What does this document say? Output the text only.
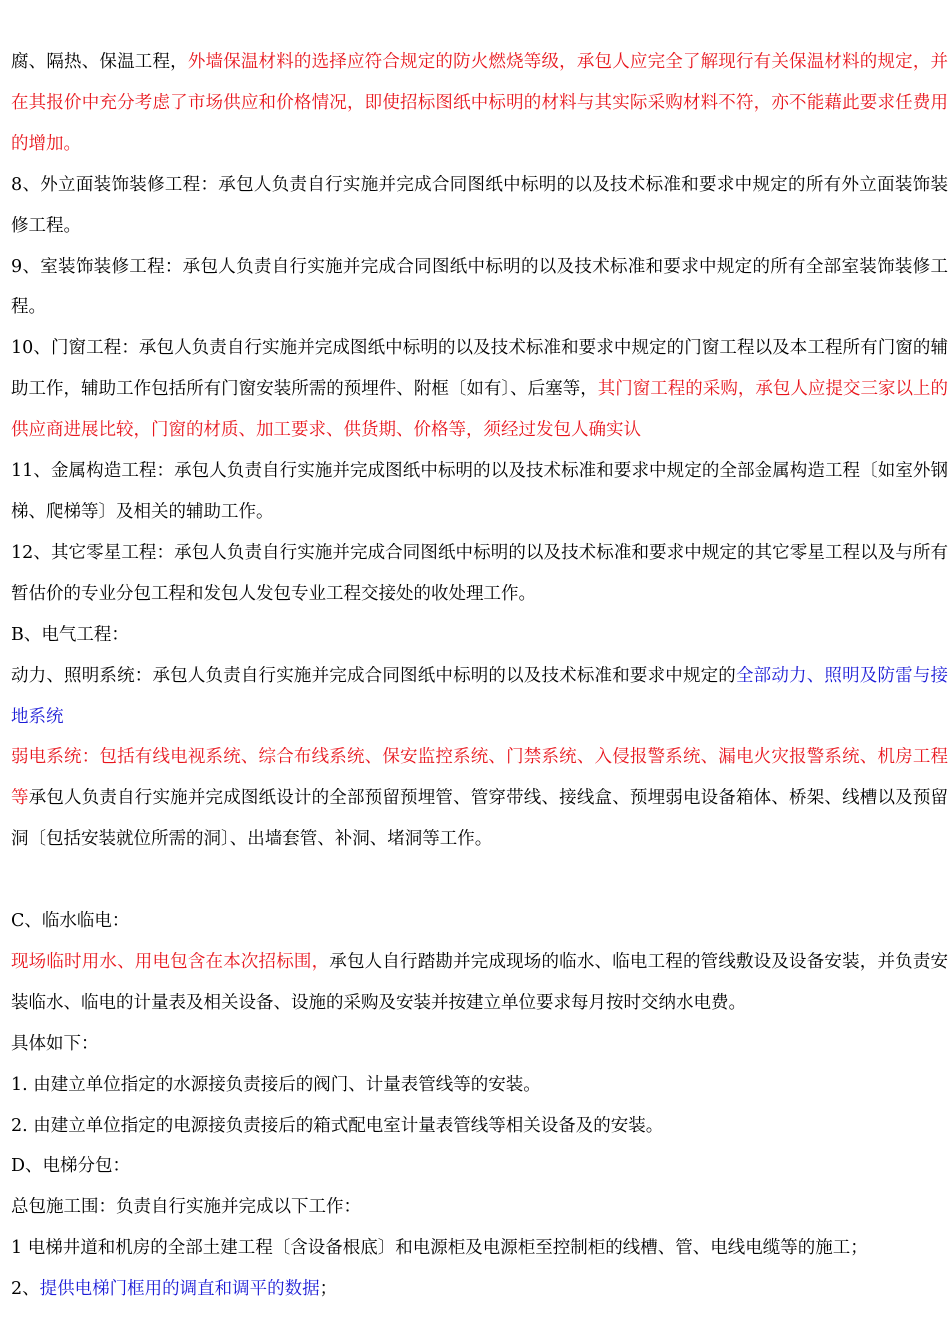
腐、隔热、保温工程，外墙保温材料的选择应符合规定的防火燃烧等级，承包人应完全了解现行有关保温材料的规定，并在其报价中充分考虑了市场供应和价格情况，即使招标图纸中标明的材料与其实际采购材料不符，亦不能藉此要求任费用的增加。

8、外立面装饰装修工程：承包人负责自行实施并完成合同图纸中标明的以及技术标准和要求中规定的所有外立面装饰装修工程。

9、室装饰装修工程：承包人负责自行实施并完成合同图纸中标明的以及技术标准和要求中规定的所有全部室装饰装修工程。

10、门窗工程：承包人负责自行实施并完成图纸中标明的以及技术标准和要求中规定的门窗工程以及本工程所有门窗的辅助工作，辅助工作包括所有门窗安装所需的预埋件、附框〔如有〕、后塞等，其门窗工程的采购，承包人应提交三家以上的供应商进展比较，门窗的材质、加工要求、供货期、价格等，须经过发包人确实认

11、金属构造工程：承包人负责自行实施并完成图纸中标明的以及技术标准和要求中规定的全部金属构造工程〔如室外钢梯、爬梯等〕及相关的辅助工作。

12、其它零星工程：承包人负责自行实施并完成合同图纸中标明的以及技术标准和要求中规定的其它零星工程以及与所有暂估价的专业分包工程和发包人发包专业工程交接处的收处理工作。

B、电气工程：

动力、照明系统：承包人负责自行实施并完成合同图纸中标明的以及技术标准和要求中规定的全部动力、照明及防雷与接地系统

弱电系统：包括有线电视系统、综合布线系统、保安监控系统、门禁系统、入侵报警系统、漏电火灾报警系统、机房工程等承包人负责自行实施并完成图纸设计的全部预留预埋管、管穿带线、接线盒、预埋弱电设备箱体、桥架、线槽以及预留洞〔包括安装就位所需的洞〕、出墙套管、补洞、堵洞等工作。

C、临水临电：

现场临时用水、用电包含在本次招标围，承包人自行踏勘并完成现场的临水、临电工程的管线敷设及设备安装，并负责安装临水、临电的计量表及相关设备、设施的采购及安装并按建立单位要求每月按时交纳水电费。

具体如下：

1. 由建立单位指定的水源接负责接后的阀门、计量表管线等的安装。

2. 由建立单位指定的电源接负责接后的箱式配电室计量表管线等相关设备及的安装。

D、电梯分包：

总包施工围：负责自行实施并完成以下工作：

1 电梯井道和机房的全部土建工程〔含设备根底〕和电源柜及电源柜至控制柜的线槽、管、电线电缆等的施工；

2、提供电梯门框用的调直和调平的数据；
